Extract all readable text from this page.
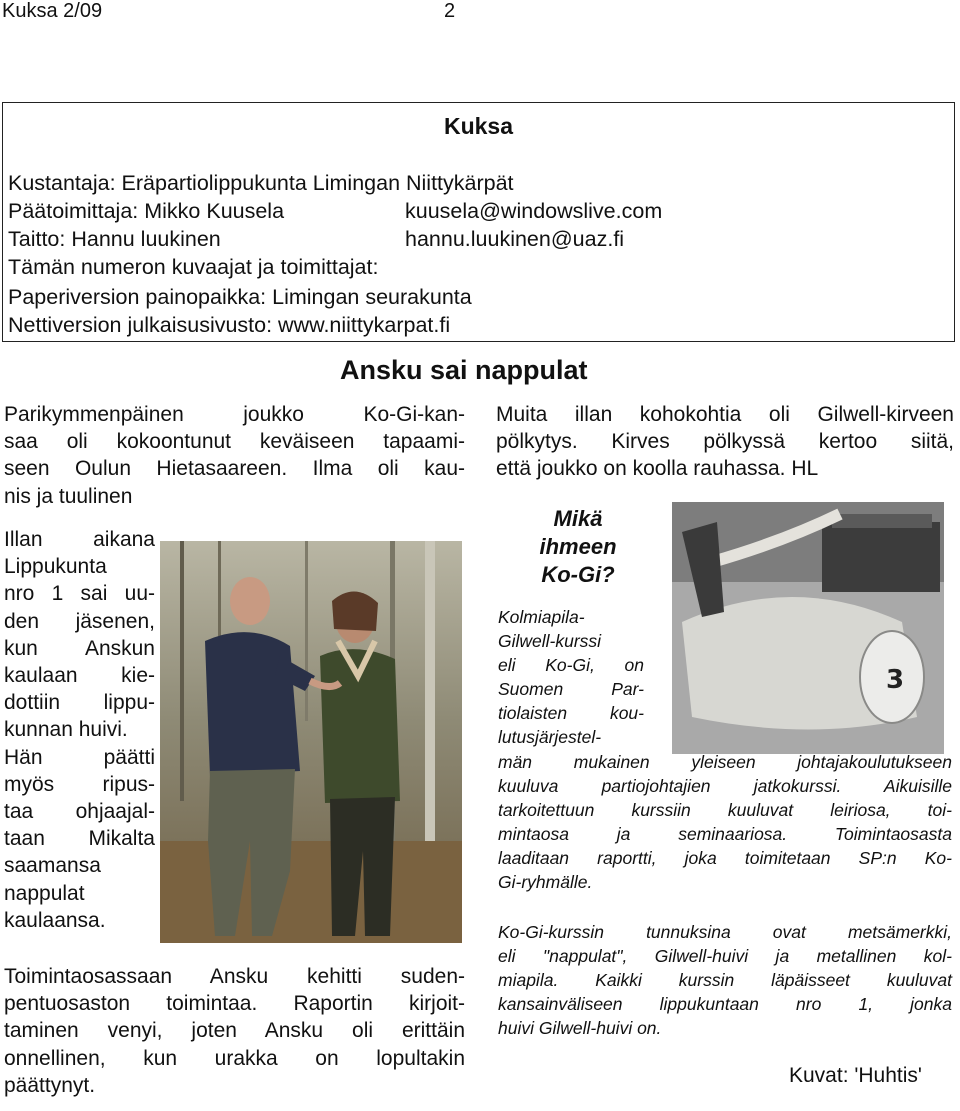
Kuksa 2/09	2
Kuksa
Kustantaja: Eräpartiolippukunta Limingan Niittykärpät
Päätoimittaja: Mikko Kuusela	kuusela@windowslive.com
Taitto: Hannu luukinen	hannu.luukinen@uaz.fi
Tämän numeron kuvaajat ja toimittajat:
Paperiversion painopaikka: Limingan seurakunta
Nettiversion julkaisusivusto: www.niittykarpat.fi
Ansku sai nappulat
Parikymmenpäinen joukko Ko-Gi-kan-
saa oli kokoontunut keväiseen tapaami-
seen Oulun Hietasaareen. Ilma oli kau-
nis ja tuulinen
Illan aikana
Lippukunta
nro 1 sai uu-
den jäsenen,
kun Anskun
kaulaan kie-
dottiin lippu-
kunnan huivi.
Hän päätti
myös ripus-
taa ohjaajal-
taan Mikalta
saamansa
nappulat
kaulaansa.
Toimintaosassaan Ansku kehitti suden-
pentuosaston toimintaa. Raportin kirjoit-
taminen venyi, joten Ansku oli erittäin
onnellinen, kun urakka on lopultakin
päättynyt.
Muita illan kohokohtia oli Gilwell-kirveen
pölkytys. Kirves pölkyssä kertoo siitä,
että joukko on koolla rauhassa. HL
Mikä
ihmeen
Ko-Gi?
3
Kolmiapila-
Gilwell-kurssi
eli Ko-Gi, on
Suomen Par-
tiolaisten kou-
lutusjärjestel-
män mukainen yleiseen johtajakoulutukseen
kuuluva partiojohtajien jatkokurssi. Aikuisille
tarkoitettuun kurssiin kuuluvat leiriosa, toi-
mintaosa ja seminaariosa. Toimintaosasta
laaditaan raportti, joka toimitetaan SP:n Ko-
Gi-ryhmälle.
Ko-Gi-kurssin tunnuksina ovat metsämerkki,
eli "nappulat", Gilwell-huivi ja metallinen kol-
miapila. Kaikki kurssin läpäisseet kuuluvat
kansainväliseen lippukuntaan nro 1, jonka
huivi Gilwell-huivi on.
Kuvat: 'Huhtis'
